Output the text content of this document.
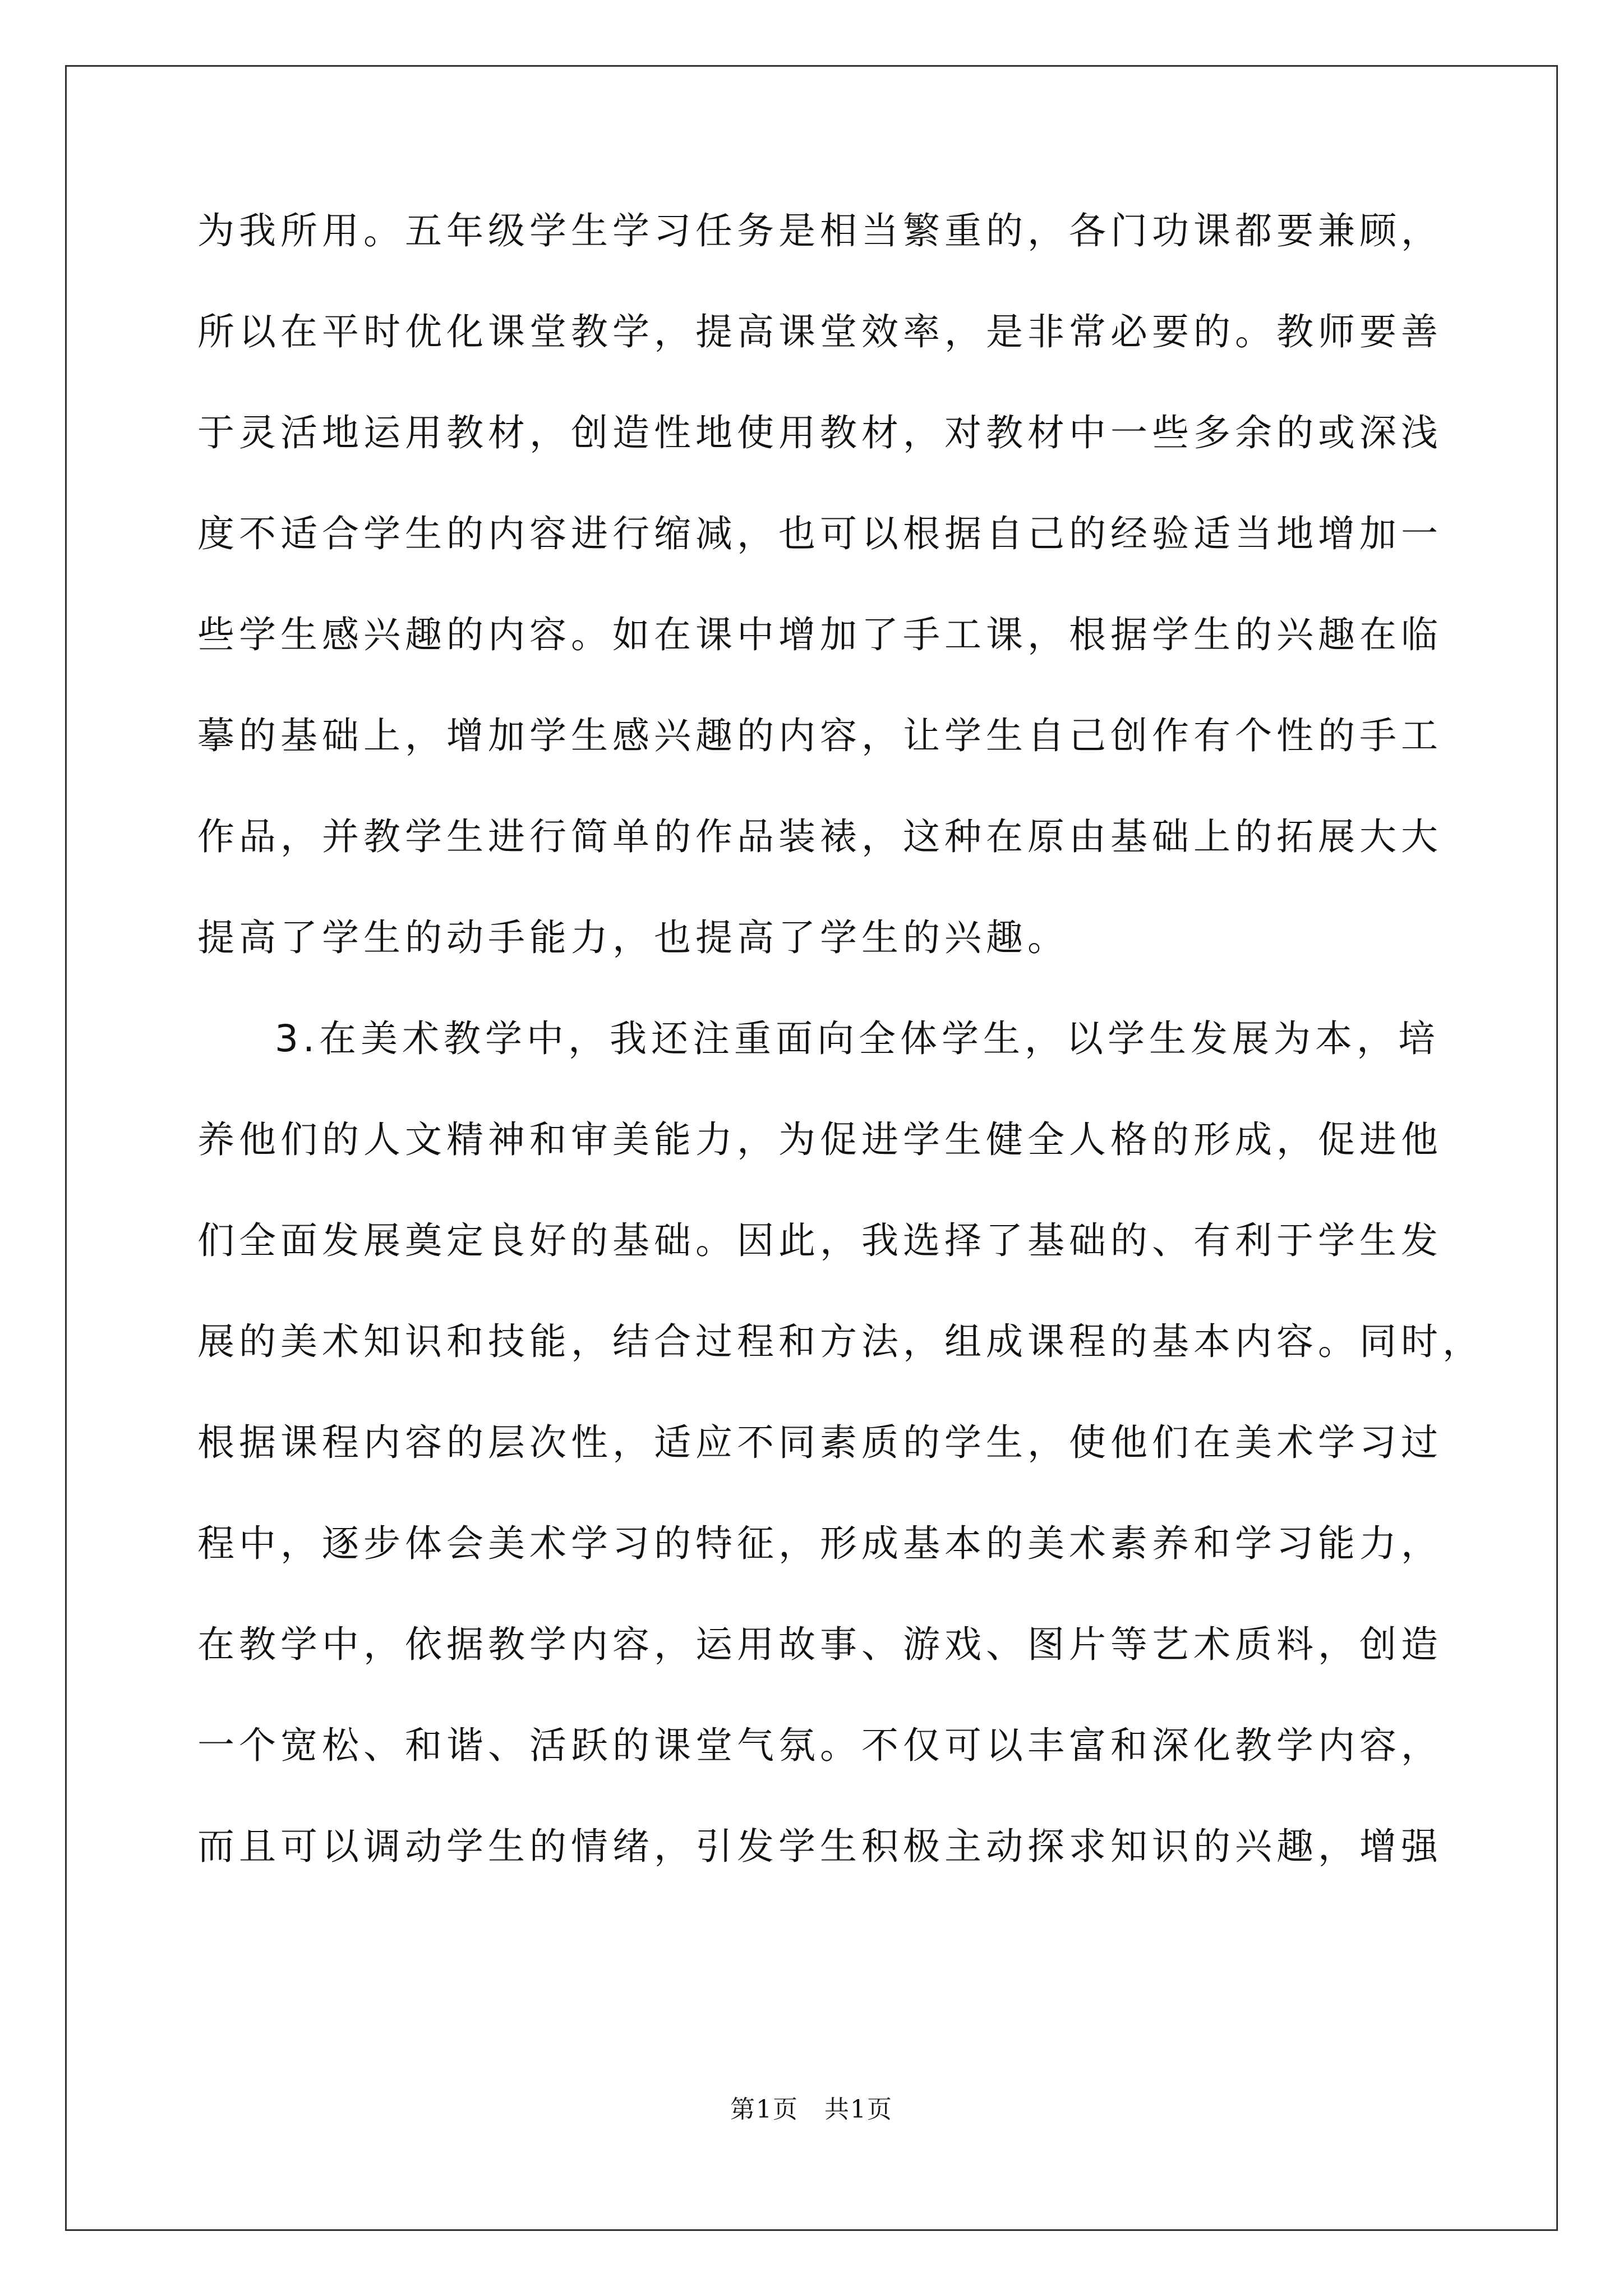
为我所用。五年级学生学习任务是相当繁重的，各门功课都要兼顾，
所以在平时优化课堂教学，提高课堂效率，是非常必要的。教师要善
于灵活地运用教材，创造性地使用教材，对教材中一些多余的或深浅
度不适合学生的内容进行缩减，也可以根据自己的经验适当地增加一
些学生感兴趣的内容。如在课中增加了手工课，根据学生的兴趣在临
摹的基础上，增加学生感兴趣的内容，让学生自己创作有个性的手工
作品，并教学生进行简单的作品装裱，这种在原由基础上的拓展大大
提高了学生的动手能力，也提高了学生的兴趣。
3.在美术教学中，我还注重面向全体学生，以学生发展为本，培
养他们的人文精神和审美能力，为促进学生健全人格的形成，促进他
们全面发展奠定良好的基础。因此，我选择了基础的、有利于学生发
展的美术知识和技能，结合过程和方法，组成课程的基本内容。同时，
根据课程内容的层次性，适应不同素质的学生，使他们在美术学习过
程中，逐步体会美术学习的特征，形成基本的美术素养和学习能力，
在教学中，依据教学内容，运用故事、游戏、图片等艺术质料，创造
一个宽松、和谐、活跃的课堂气氛。不仅可以丰富和深化教学内容，
而且可以调动学生的情绪，引发学生积极主动探求知识的兴趣，增强
第1页 共1页
